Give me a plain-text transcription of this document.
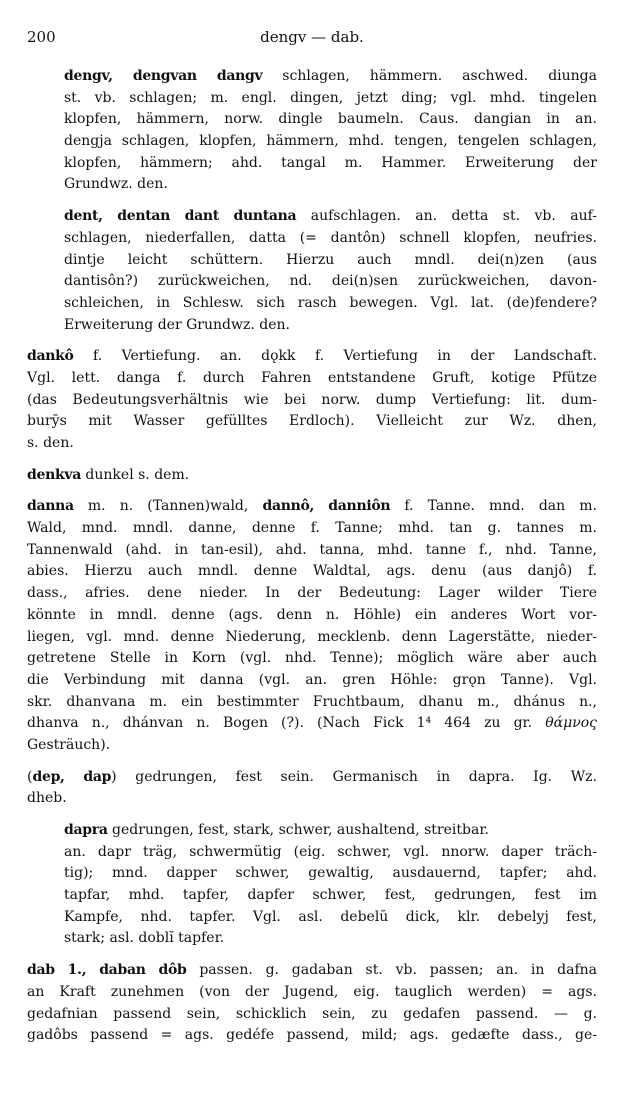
200	dengv — dab.
dengv, dengvan dangv schlagen, hämmern. aschwed. diunga
st. vb. schlagen; m. engl. dingen, jetzt ding; vgl. mhd. tingelen
klopfen, hämmern, norw. dingle baumeln. Caus. dangian in an.
dengja schlagen, klopfen, hämmern, mhd. tengen, tengelen schlagen,
klopfen, hämmern; ahd. tangal m. Hammer. Erweiterung der
Grundwz. den.
dent, dentan dant duntana aufschlagen. an. detta st. vb. auf-
schlagen, niederfallen, datta (= dantôn) schnell klopfen, neufries.
dintje leicht schüttern. Hierzu auch mndl. dei(n)zen (aus
dantisôn?) zurückweichen, nd. dei(n)sen zurückweichen, davon-
schleichen, in Schlesw. sich rasch bewegen. Vgl. lat. (de)fendere?
Erweiterung der Grundwz. den.
dankô f. Vertiefung. an. dǫkk f. Vertiefung in der Landschaft.
Vgl. lett. danga f. durch Fahren entstandene Gruft, kotige Pfütze
(das Bedeutungsverhältnis wie bei norw. dump Vertiefung: lit. dum-
burȳs mit Wasser gefülltes Erdloch). Vielleicht zur Wz. dhen,
s. den.
denkva dunkel s. dem.
danna m. n. (Tannen)wald, dannô, danniôn f. Tanne. mnd. dan m.
Wald, mnd. mndl. danne, denne f. Tanne; mhd. tan g. tannes m.
Tannenwald (ahd. in tan-esil), ahd. tanna, mhd. tanne f., nhd. Tanne,
abies. Hierzu auch mndl. denne Waldtal, ags. denu (aus danjô) f.
dass., afries. dene nieder. In der Bedeutung: Lager wilder Tiere
könnte in mndl. denne (ags. denn n. Höhle) ein anderes Wort vor-
liegen, vgl. mnd. denne Niederung, mecklenb. denn Lagerstätte, nieder-
getretene Stelle in Korn (vgl. nhd. Tenne); möglich wäre aber auch
die Verbindung mit danna (vgl. an. gren Höhle: grǫn Tanne). Vgl.
skr. dhanvana m. ein bestimmter Fruchtbaum, dhanu m., dhánus n.,
dhanva n., dhánvan n. Bogen (?). (Nach Fick 1⁴ 464 zu gr. θάμνος
Gesträuch).
(dep, dap) gedrungen, fest sein. Germanisch in dapra. Ig. Wz.
dheb.
dapra gedrungen, fest, stark, schwer, aushaltend, streitbar.
an. dapr träg, schwermütig (eig. schwer, vgl. nnorw. daper träch-
tig); mnd. dapper schwer, gewaltig, ausdauernd, tapfer; ahd.
tapfar, mhd. tapfer, dapfer schwer, fest, gedrungen, fest im
Kampfe, nhd. tapfer. Vgl. asl. debelŭ dick, klr. debelyj fest,
stark; asl. doblĭ tapfer.
dab 1., daban dôb passen. g. gadaban st. vb. passen; an. in dafna
an Kraft zunehmen (von der Jugend, eig. tauglich werden) = ags.
gedafnian passend sein, schicklich sein, zu gedafen passend. — g.
gadôbs passend = ags. gedéfe passend, mild; ags. gedæfte dass., ge-
